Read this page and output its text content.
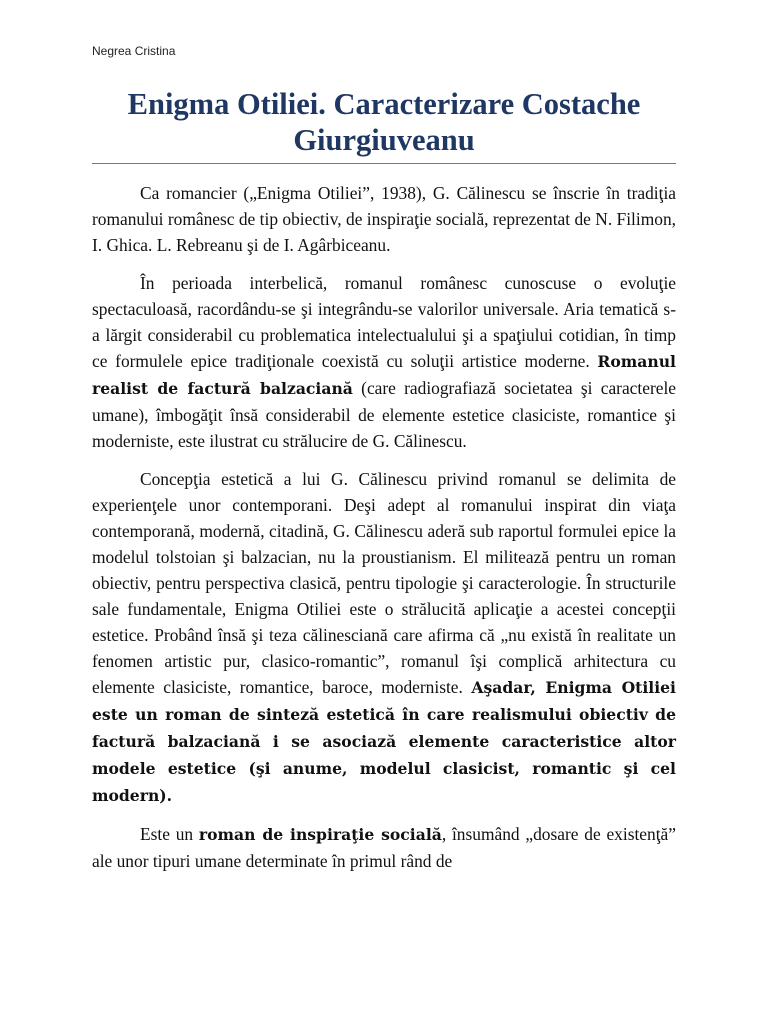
Negrea Cristina
Enigma Otiliei. Caracterizare Costache Giurgiuveanu

Ca romancier („Enigma Otiliei”, 1938), G. Călinescu se înscrie în tradiţia romanului românesc de tip obiectiv, de inspiraţie socială, reprezentat de N. Filimon, I. Ghica. L. Rebreanu şi de I. Agârbiceanu.

În perioada interbelică, romanul românesc cunoscuse o evoluţie spectaculoasă, racordându-se şi integrându-se valorilor universale. Aria tematică s-a lărgit considerabil cu problematica intelectualului şi a spaţiului cotidian, în timp ce formulele epice tradiţionale coexistă cu soluţii artistice moderne. Romanul realist de factură balzaciană (care radiografiază societatea şi caracterele umane), îmbogăţit însă considerabil de elemente estetice clasiciste, romantice şi moderniste, este ilustrat cu strălucire de G. Călinescu.

Concepţia estetică a lui G. Călinescu privind romanul se delimita de experienţele unor contemporani. Deşi adept al romanului inspirat din viaţa contemporană, modernă, citadină, G. Călinescu aderă sub raportul formulei epice la modelul tolstoian şi balzacian, nu la proustianism. El militează pentru un roman obiectiv, pentru perspectiva clasică, pentru tipologie şi caracterologie. În structurile sale fundamentale, Enigma Otiliei este o strălucită aplicaţie a acestei concepţii estetice. Probând însă şi teza călinesciană care afirma că „nu există în realitate un fenomen artistic pur, clasico-romantic”, romanul îşi complică arhitectura cu elemente clasiciste, romantice, baroce, moderniste. Aşadar, Enigma Otiliei este un roman de sinteză estetică în care realismului obiectiv de factură balzaciană i se asociază elemente caracteristice altor modele estetice (şi anume, modelul clasicist, romantic şi cel modern).

Este un roman de inspiraţie socială, însumând „dosare de existenţă” ale unor tipuri umane determinate în primul rând de
